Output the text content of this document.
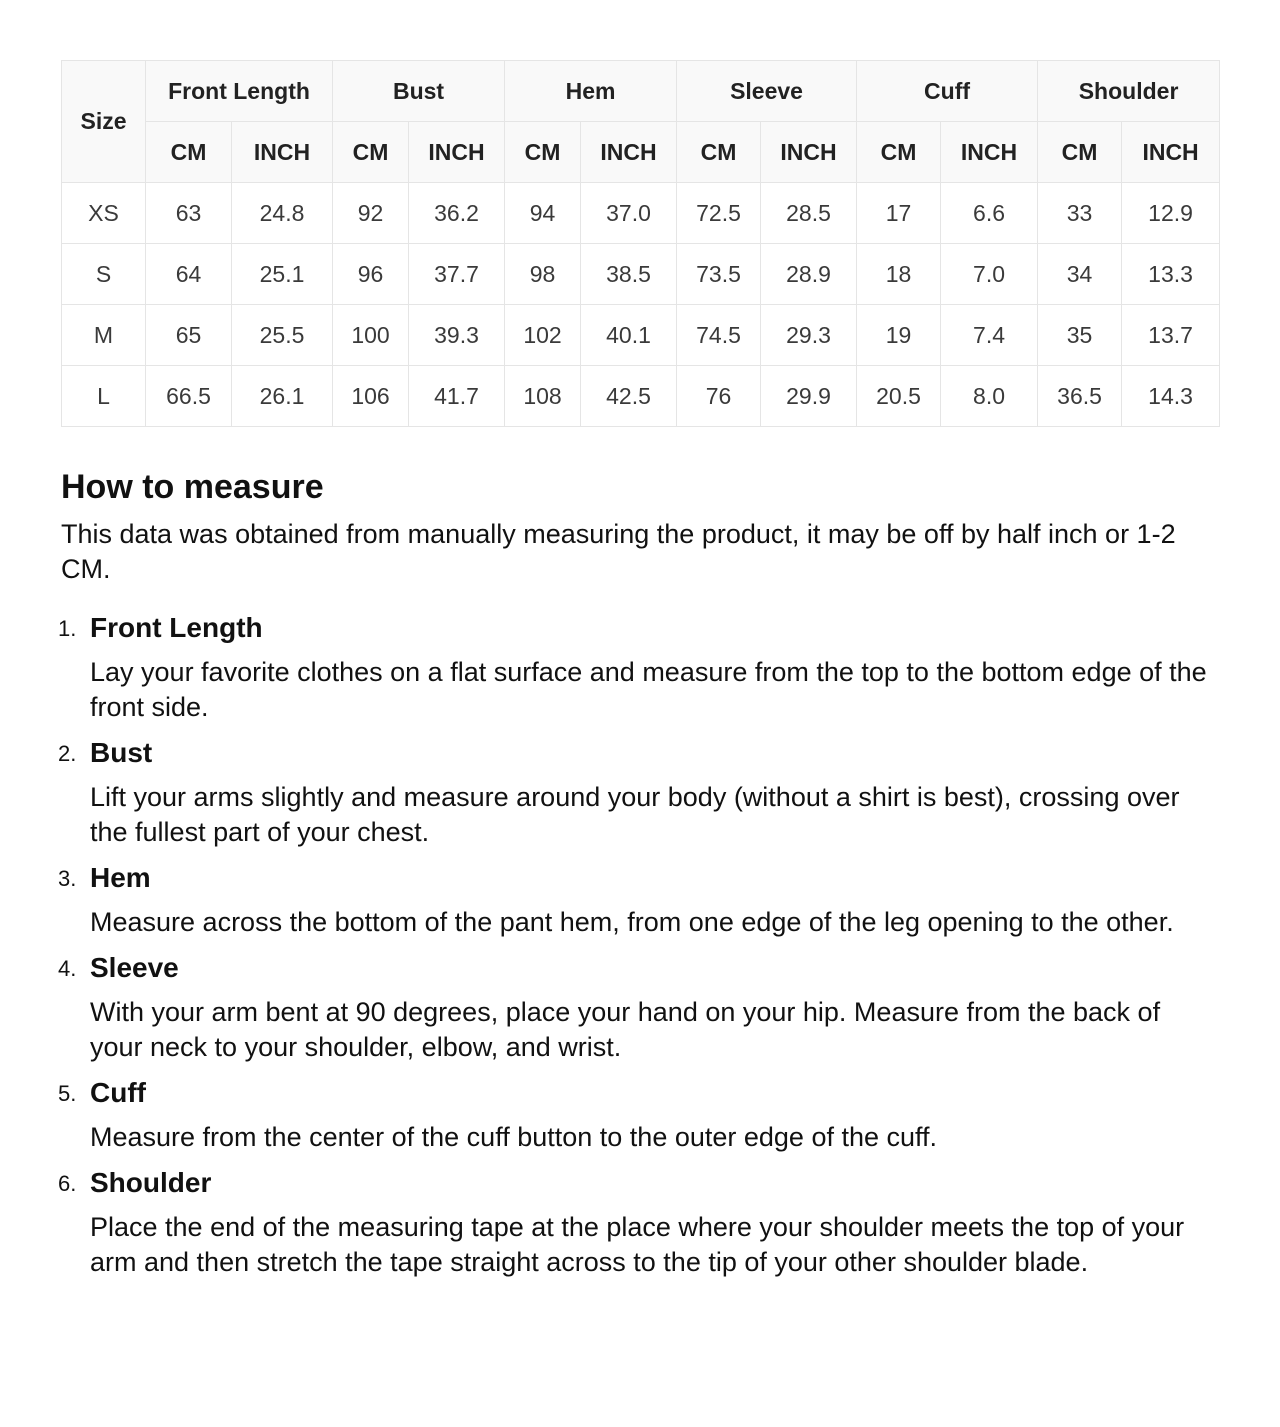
Size	Front Length		Bust		Hem		Sleeve		Cuff		Shoulder	
	CM	INCH	CM	INCH	CM	INCH	CM	INCH	CM	INCH	CM	INCH
XS	63	24.8	92	36.2	94	37.0	72.5	28.5	17	6.6	33	12.9
S	64	25.1	96	37.7	98	38.5	73.5	28.9	18	7.0	34	13.3
M	65	25.5	100	39.3	102	40.1	74.5	29.3	19	7.4	35	13.7
L	66.5	26.1	106	41.7	108	42.5	76	29.9	20.5	8.0	36.5	14.3
How to measure

This data was obtained from manually measuring the product, it may be off by half inch or 1-2 CM.

1. Front Length

Lay your favorite clothes on a flat surface and measure from the top to the bottom edge of the front side.

2. Bust

Lift your arms slightly and measure around your body (without a shirt is best), crossing over the fullest part of your chest.

3. Hem

Measure across the bottom of the pant hem, from one edge of the leg opening to the other.

4. Sleeve

With your arm bent at 90 degrees, place your hand on your hip. Measure from the back of your neck to your shoulder, elbow, and wrist.

5. Cuff

Measure from the center of the cuff button to the outer edge of the cuff.

6. Shoulder

Place the end of the measuring tape at the place where your shoulder meets the top of your arm and then stretch the tape straight across to the tip of your other shoulder blade.
